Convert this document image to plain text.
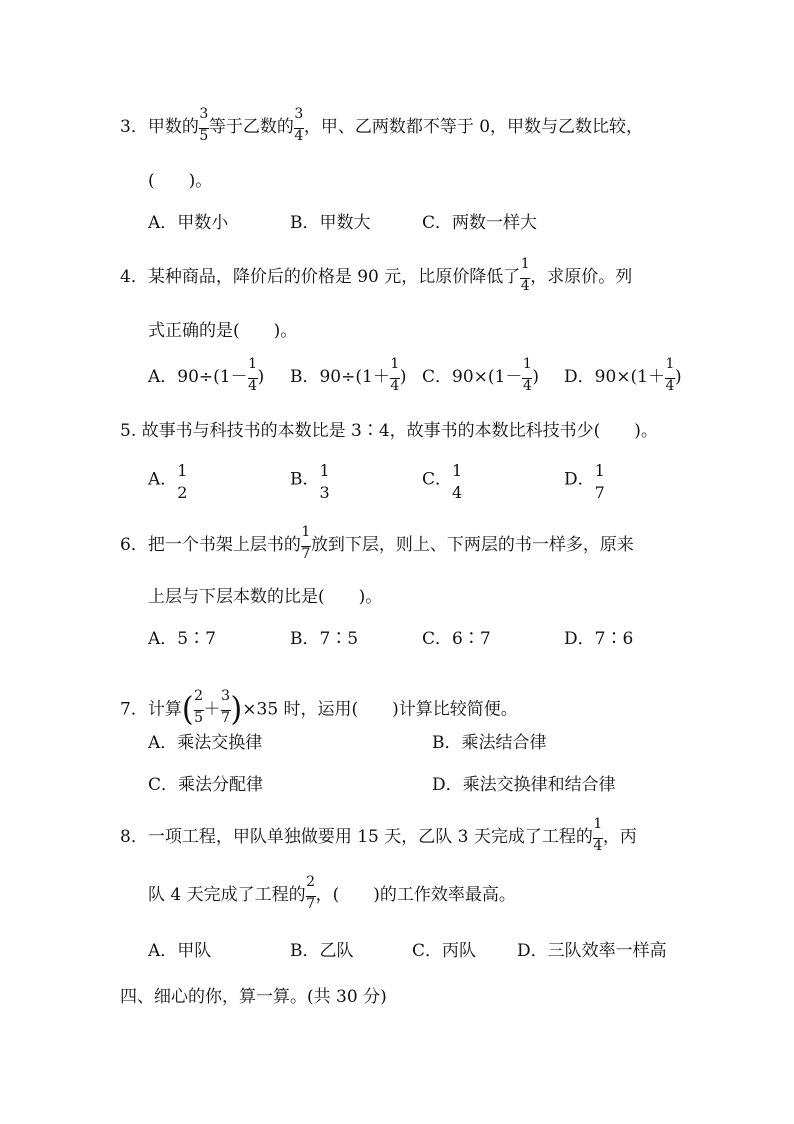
3．甲数的
3
5 等于乙数的
3
4 ，甲、乙两数都不等于 0，甲数与乙数比较，
(　　)。
A．甲数小	B．甲数大	C．两数一样大
4．某种商品，降价后的价格是 90 元，比原价降低了
1
4 ，求原价。列
式正确的是(　　)。
A．90÷(1－
1
4 ) B．90÷(1＋
1
4 ) C．90×(1－
1
4 ) D．90×(1＋
1
4 )
5. 故事书与科技书的本数比是 3∶4，故事书的本数比科技书少(　　)。
A． 1
2
B． 1
3
C． 1
4
D． 1
7
6．把一个书架上层书的
1
7 放到下层，则上、下两层的书一样多，原来
上层与下层本数的比是(　　)。
A．5∶7	B．7∶5	C．6∶7	D．7∶6
7．计算( 2
5 ＋
3
7 )×35 时，运用(　　)计算比较简便。
A．乘法交换律	B．乘法结合律
C．乘法分配律	D．乘法交换律和结合律
8．一项工程，甲队单独做要用 15 天，乙队 3 天完成了工程的
1
4 ，丙
队 4 天完成了工程的
2
7 ，(　　)的工作效率最高。
A．甲队	B．乙队	C．丙队 D．三队效率一样高
四、细心的你，算一算。(共 30 分)
